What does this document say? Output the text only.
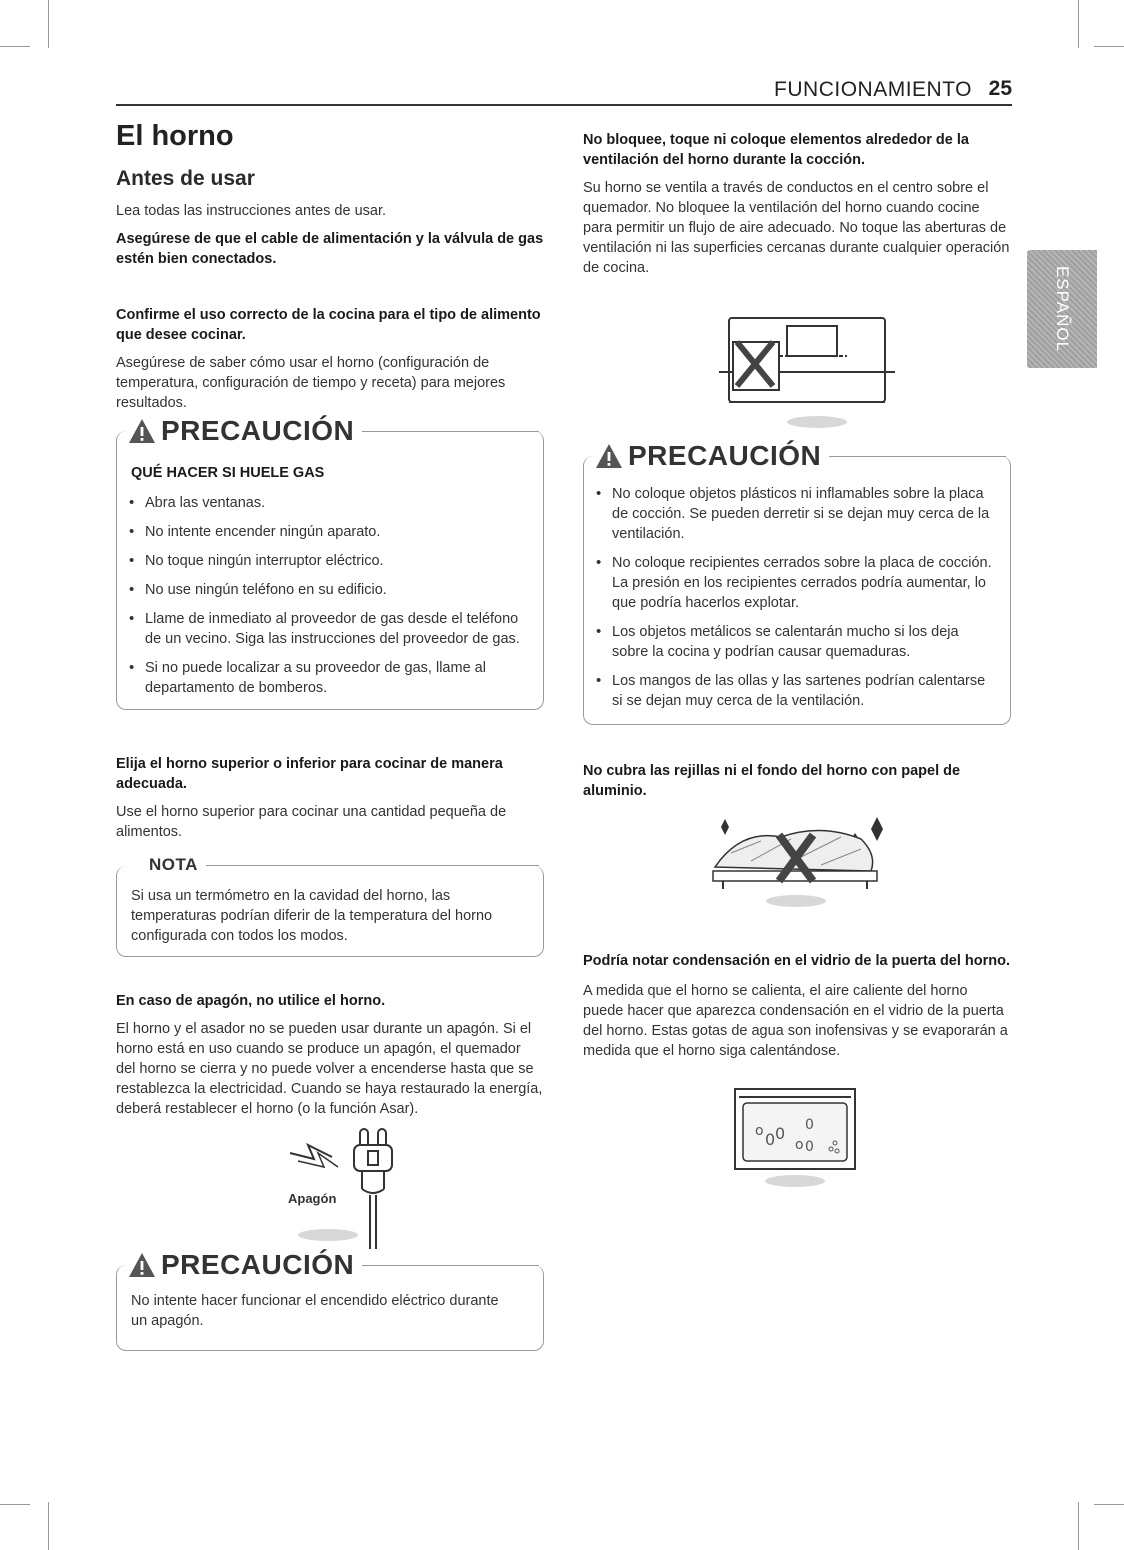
FUNCIONAMIENTO 25
ESPAÑOL
El horno
Antes de usar

Lea todas las instrucciones antes de usar.

Asegúrese de que el cable de alimentación y la válvula de gas estén bien conectados.

Confirme el uso correcto de la cocina para el tipo de alimento que desee cocinar.

Asegúrese de saber cómo usar el horno (configuración de temperatura, configuración de tiempo y receta) para mejores resultados.

PRECAUCIÓN

QUÉ HACER SI HUELE GAS

• Abra las ventanas.
• No intente encender ningún aparato.
• No toque ningún interruptor eléctrico.
• No use ningún teléfono en su edificio.
• Llame de inmediato al proveedor de gas desde el teléfono de un vecino. Siga las instrucciones del proveedor de gas.
• Si no puede localizar a su proveedor de gas, llame al departamento de bomberos.

Elija el horno superior o inferior para cocinar de manera adecuada.

Use el horno superior para cocinar una cantidad pequeña de alimentos.

NOTA

Si usa un termómetro en la cavidad del horno, las temperaturas podrían diferir de la temperatura del horno configurada con todos los modos.

En caso de apagón, no utilice el horno.

El horno y el asador no se pueden usar durante un apagón. Si el horno está en uso cuando se produce un apagón, el quemador del horno se cierra y no puede volver a encenderse hasta que se restablezca la electricidad. Cuando se haya restaurado la energía, deberá restablecer el horno (o la función Asar).

Apagón
PRECAUCIÓN

No intente hacer funcionar el encendido eléctrico durante un apagón.

No bloquee, toque ni coloque elementos alrededor de la ventilación del horno durante la cocción.

Su horno se ventila a través de conductos en el centro sobre el quemador. No bloquee la ventilación del horno cuando cocine para permitir un flujo de aire adecuado. No toque las aberturas de ventilación ni las superficies cercanas durante cualquier operación de cocina.

PRECAUCIÓN
• No coloque objetos plásticos ni inflamables sobre la placa de cocción. Se pueden derretir si se dejan muy cerca de la ventilación.
• No coloque recipientes cerrados sobre la placa de cocción. La presión en los recipientes cerrados podría aumentar, lo que podría hacerlos explotar.
• Los objetos metálicos se calentarán mucho si los deja sobre la cocina y podrían causar quemaduras.
• Los mangos de las ollas y las sartenes podrían calentarse si se dejan muy cerca de la ventilación.

No cubra las rejillas ni el fondo del horno con papel de aluminio.

Podría notar condensación en el vidrio de la puerta del horno.

A medida que el horno se calienta, el aire caliente del horno puede hacer que aparezca condensación en el vidrio de la puerta del horno. Estas gotas de agua son inofensivas y se evaporarán a medida que el horno siga calentándose.

o 0 0 0
o 0
